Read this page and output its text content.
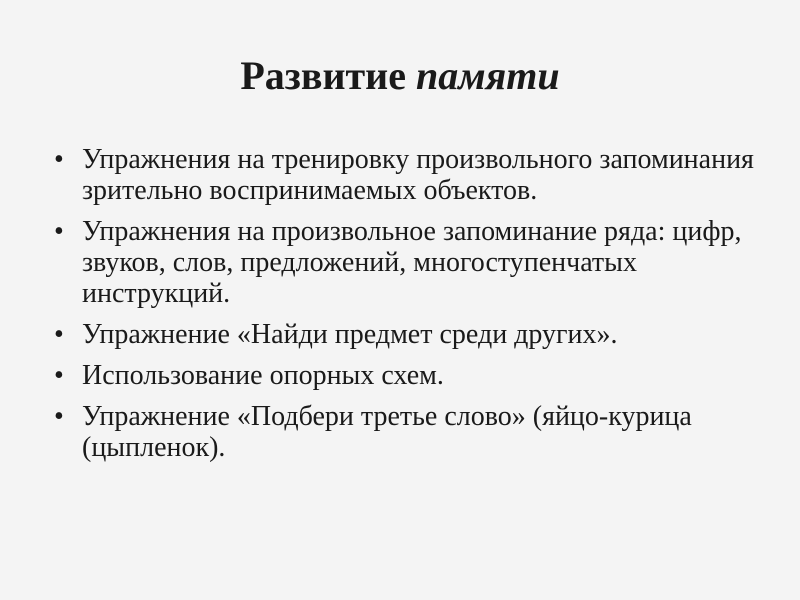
Развитие памяти
• Упражнения на тренировку произвольного запоминания зрительно воспринимаемых объектов.
• Упражнения на произвольное запоминание ряда: цифр, звуков, слов, предложений, многоступенчатых инструкций.
• Упражнение «Найди предмет среди других».
• Использование опорных схем.
• Упражнение «Подбери третье слово» (яйцо-курица (цыпленок).
